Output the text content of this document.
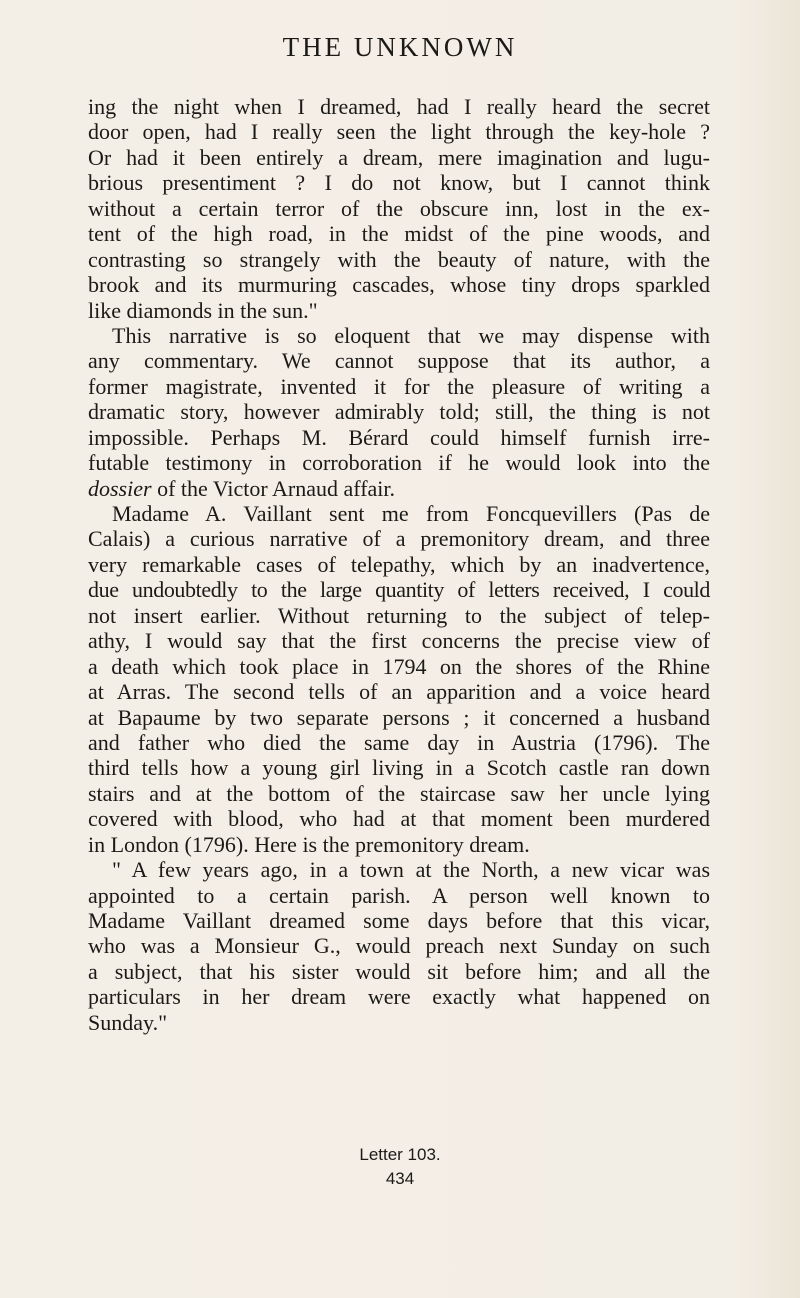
THE UNKNOWN
ing the night when I dreamed, had I really heard the secret
door open, had I really seen the light through the key-hole ?
Or had it been entirely a dream, mere imagination and lugu-
brious presentiment ? I do not know, but I cannot think
without a certain terror of the obscure inn, lost in the ex-
tent of the high road, in the midst of the pine woods, and
contrasting so strangely with the beauty of nature, with the
brook and its murmuring cascades, whose tiny drops sparkled
like diamonds in the sun."
This narrative is so eloquent that we may dispense with
any commentary. We cannot suppose that its author, a
former magistrate, invented it for the pleasure of writing a
dramatic story, however admirably told; still, the thing is not
impossible. Perhaps M. Bérard could himself furnish irre-
futable testimony in corroboration if he would look into the
dossier of the Victor Arnaud affair.
Madame A. Vaillant sent me from Foncquevillers (Pas de
Calais) a curious narrative of a premonitory dream, and three
very remarkable cases of telepathy, which by an inadvertence,
due undoubtedly to the large quantity of letters received, I could
not insert earlier. Without returning to the subject of telep-
athy, I would say that the first concerns the precise view of
a death which took place in 1794 on the shores of the Rhine
at Arras. The second tells of an apparition and a voice heard
at Bapaume by two separate persons ; it concerned a husband
and father who died the same day in Austria (1796). The
third tells how a young girl living in a Scotch castle ran down
stairs and at the bottom of the staircase saw her uncle lying
covered with blood, who had at that moment been murdered
in London (1796). Here is the premonitory dream.
" A few years ago, in a town at the North, a new vicar was
appointed to a certain parish. A person well known to
Madame Vaillant dreamed some days before that this vicar,
who was a Monsieur G., would preach next Sunday on such
a subject, that his sister would sit before him; and all the
particulars in her dream were exactly what happened on
Sunday."
Letter 103.
434
